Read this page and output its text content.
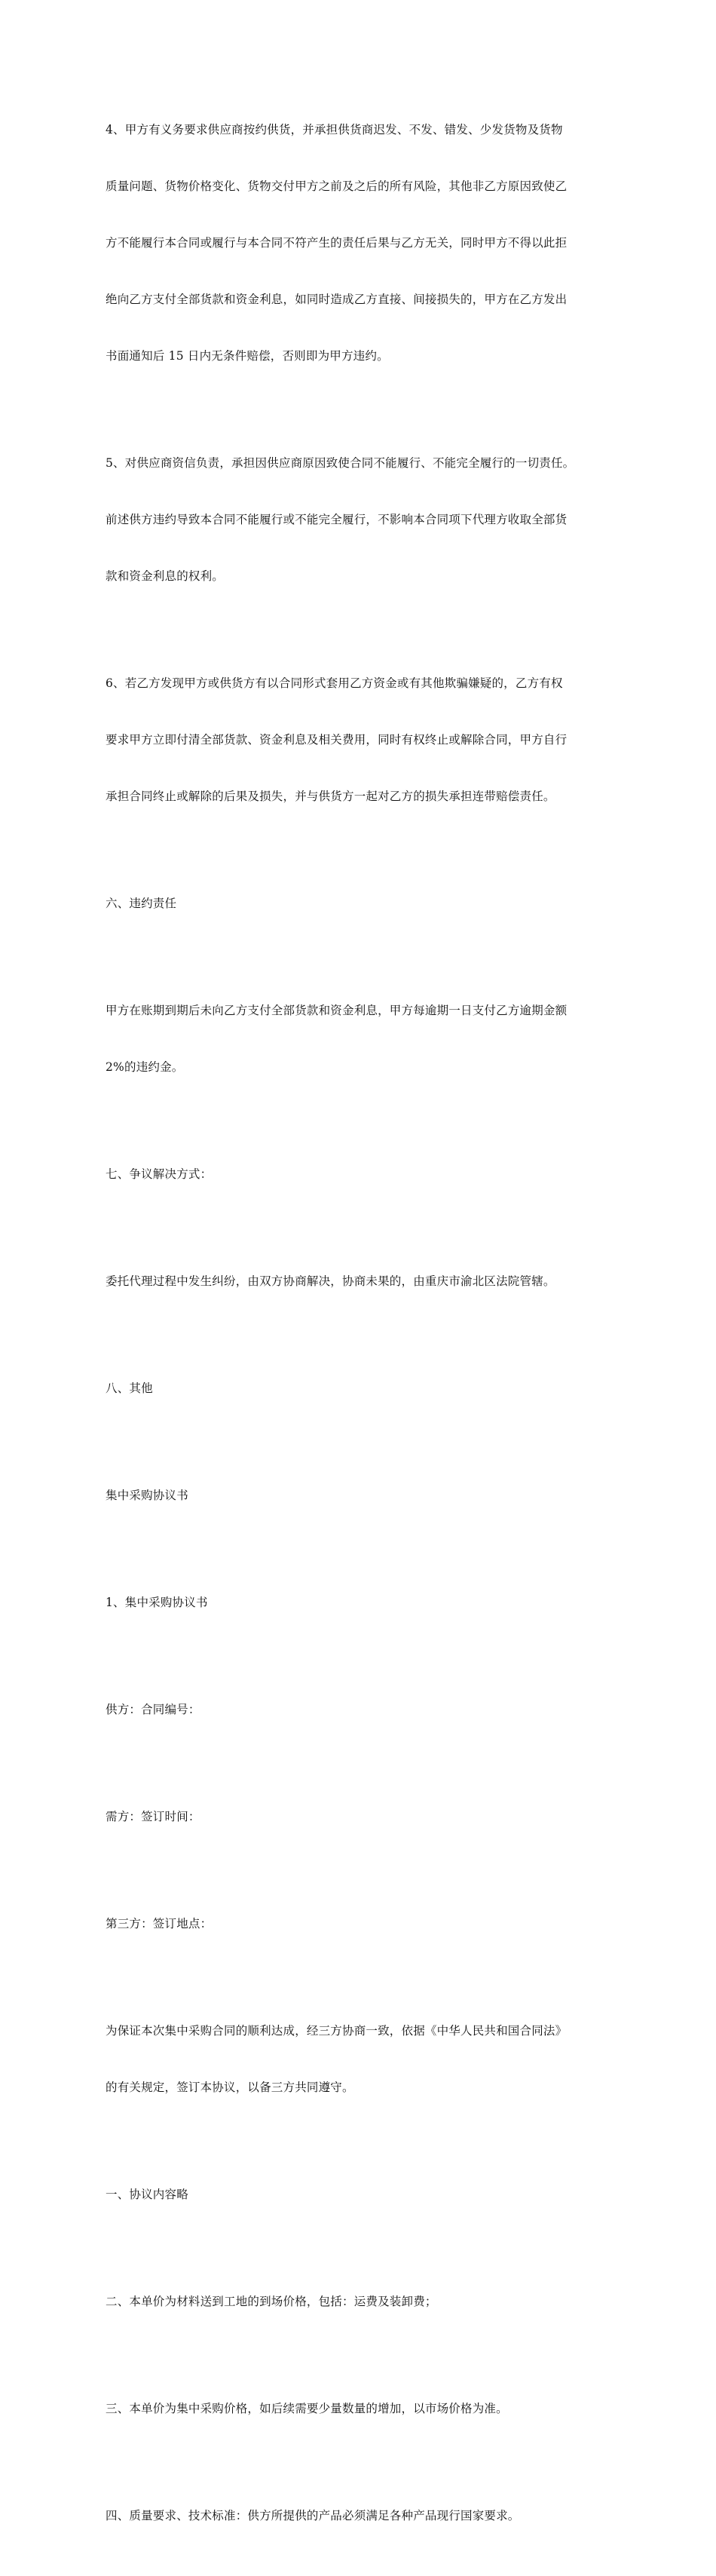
4、甲方有义务要求供应商按约供货，并承担供货商迟发、不发、错发、少发货物及货物

质量问题、货物价格变化、货物交付甲方之前及之后的所有风险，其他非乙方原因致使乙

方不能履行本合同或履行与本合同不符产生的责任后果与乙方无关，同时甲方不得以此拒

绝向乙方支付全部货款和资金利息，如同时造成乙方直接、间接损失的，甲方在乙方发出

书面通知后 15 日内无条件赔偿，否则即为甲方违约。

5、对供应商资信负责，承担因供应商原因致使合同不能履行、不能完全履行的一切责任。

前述供方违约导致本合同不能履行或不能完全履行，不影响本合同项下代理方收取全部货

款和资金利息的权利。

6、若乙方发现甲方或供货方有以合同形式套用乙方资金或有其他欺骗嫌疑的，乙方有权

要求甲方立即付清全部货款、资金利息及相关费用，同时有权终止或解除合同，甲方自行

承担合同终止或解除的后果及损失，并与供货方一起对乙方的损失承担连带赔偿责任。

六、违约责任

甲方在账期到期后未向乙方支付全部货款和资金利息，甲方每逾期一日支付乙方逾期金额

2%的违约金。

七、争议解决方式：

委托代理过程中发生纠纷，由双方协商解决，协商未果的，由重庆市渝北区法院管辖。

八、其他

集中采购协议书

1、集中采购协议书

供方：合同编号：

需方：签订时间：

第三方：签订地点：

为保证本次集中采购合同的顺利达成，经三方协商一致，依据《中华人民共和国合同法》

的有关规定，签订本协议，以备三方共同遵守。

一、协议内容略

二、本单价为材料送到工地的到场价格，包括：运费及装卸费；

三、本单价为集中采购价格，如后续需要少量数量的增加，以市场价格为准。

四、质量要求、技术标准：供方所提供的产品必须满足各种产品现行国家要求。
